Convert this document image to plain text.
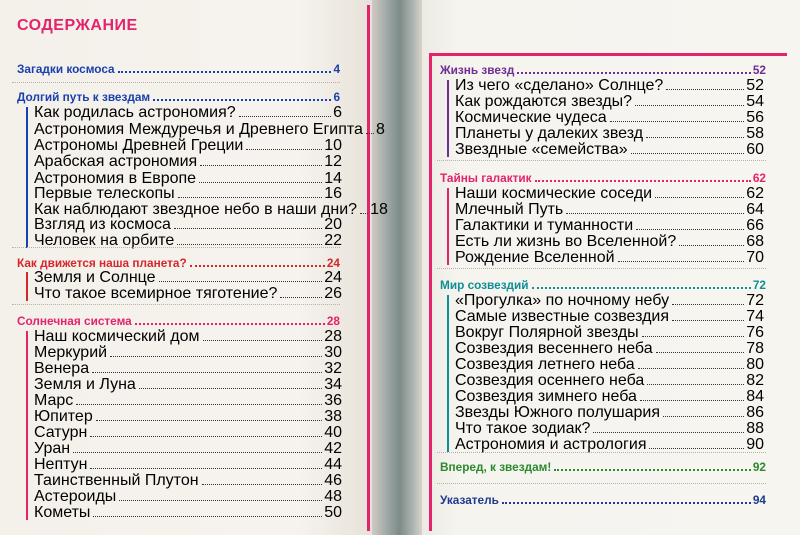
СОДЕРЖАНИЕ
Загадки космоса	4
Долгий путь к звездам	6
Как родилась астрономия?	6
Астрономия Междуречья и Древнего Египта 8
Астрономы Древней Греции	10
Арабская астрономия	12
Астрономия в Европе	14
Первые телескопы	16
Как наблюдают звездное небо в наши дни? 18
Взгляд из космоса	20
Человек на орбите	22
Как движется наша планета?	24
Земля и Солнце	24
Что такое всемирное тяготение?	26
Солнечная система	28
Наш космический дом	28
Меркурий	30
Венера	32
Земля и Луна	34
Марс	36
Юпитер	38
Сатурн	40
Уран	42
Нептун	44
Таинственный Плутон	46
Астероиды	48
Кометы	50
Жизнь звезд	52
Из чего «сделано» Солнце?	52
Как рождаются звезды?	54
Космические чудеса	56
Планеты у далеких звезд	58
Звездные «семейства»	60
Тайны галактик	62
Наши космические соседи	62
Млечный Путь	64
Галактики и туманности	66
Есть ли жизнь во Вселенной?	68
Рождение Вселенной	70
Мир созвездий	72
«Прогулка» по ночному небу	72
Самые известные созвездия	74
Вокруг Полярной звезды	76
Созвездия весеннего неба	78
Созвездия летнего неба	80
Созвездия осеннего неба	82
Созвездия зимнего неба	84
Звезды Южного полушария	86
Что такое зодиак?	88
Астрономия и астрология	90
Вперед, к звездам!	92
Указатель	94
